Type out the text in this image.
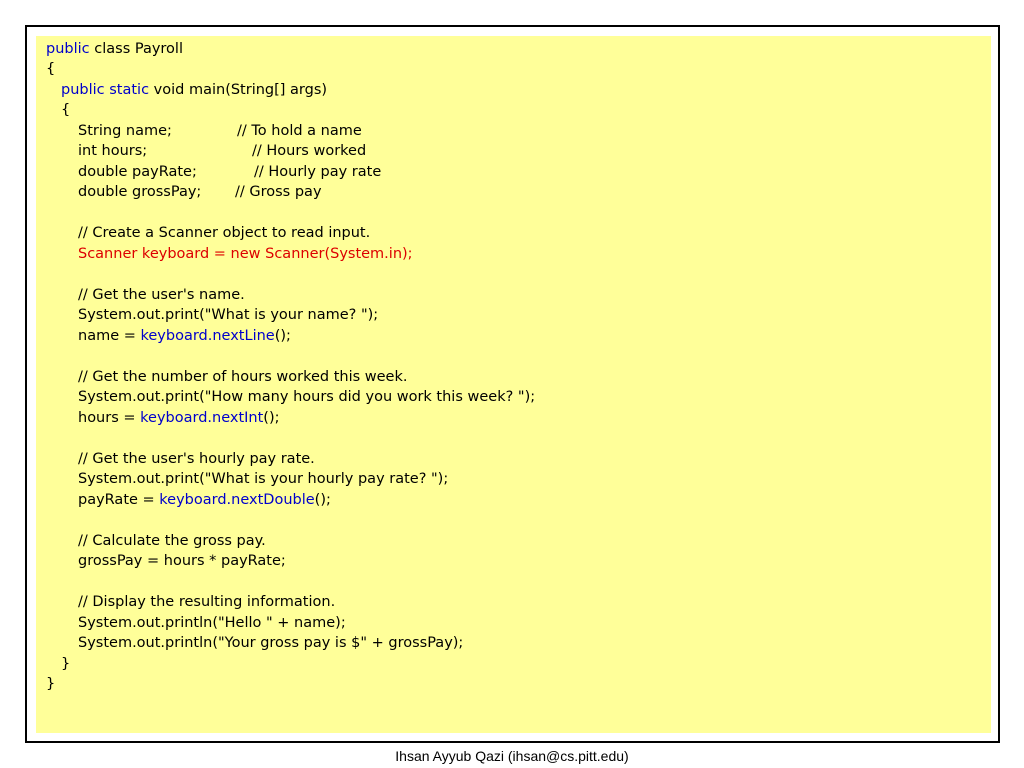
public class Payroll
{
public static void main(String[] args)
{
String name;	// To hold a name
int hours;	// Hours worked
double payRate;	// Hourly pay rate
double grossPay; // Gross pay
// Create a Scanner object to read input.
Scanner keyboard = new Scanner(System.in);
// Get the user's name.
System.out.print("What is your name? ");
name = keyboard.nextLine();
// Get the number of hours worked this week.
System.out.print("How many hours did you work this week? ");
hours = keyboard.nextInt();
// Get the user's hourly pay rate.
System.out.print("What is your hourly pay rate? ");
payRate = keyboard.nextDouble();
// Calculate the gross pay.
grossPay = hours * payRate;
// Display the resulting information.
System.out.println("Hello " + name);
System.out.println("Your gross pay is $" + grossPay);
}
}
Ihsan Ayyub Qazi (ihsan@cs.pitt.edu)
